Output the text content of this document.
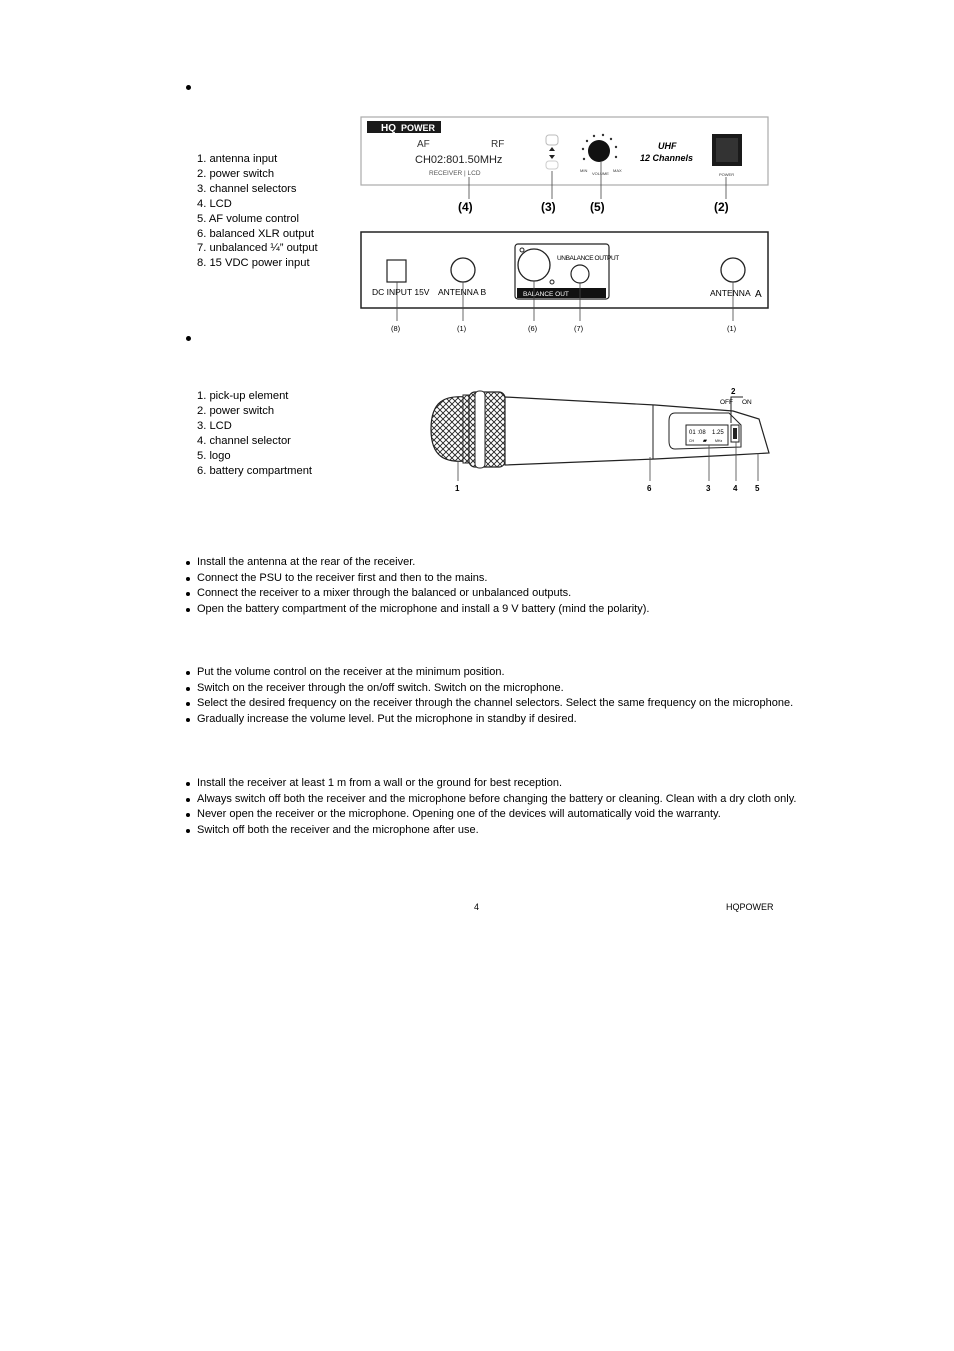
1. antenna input
2. power switch
3. channel selectors
4. LCD
5. AF volume control
6. balanced XLR output
7. unbalanced ¼” output
8. 15 VDC power input
HQ POWER
AF	RF
CH02:801.50MHz
RECEIVER | LCD	MIN
VOLUME
MAX
UHF
12 Channels
POWER
(4)	(3)	(5)	(2)
DC INPUT 15V ANTENNA B
UNBALANCE OUTPUT
BALANCE OUT	ANTENNA A
(8)	(1)	(6)	(7)	(1)
1. pick-up element
2. power switch
3. LCD
4. channel selector
5. logo
6. battery compartment
01 :08 1.25
CH ▰ MHz
2
OFF ON
1	6	3	4 5
Install the antenna at the rear of the receiver.
Connect the PSU to the receiver first and then to the mains.
Connect the receiver to a mixer through the balanced or unbalanced outputs.
Open the battery compartment of the microphone and install a 9 V battery (mind the polarity).
Put the volume control on the receiver at the minimum position.
Switch on the receiver through the on/off switch. Switch on the microphone.
Select the desired frequency on the receiver through the channel selectors. Select the same frequency on the microphone.
Gradually increase the volume level. Put the microphone in standby if desired.
Install the receiver at least 1 m from a wall or the ground for best reception.
Always switch off both the receiver and the microphone before changing the battery or cleaning. Clean with a dry cloth only.
Never open the receiver or the microphone. Opening one of the devices will automatically void the warranty.
Switch off both the receiver and the microphone after use.
4	HQPOWER
